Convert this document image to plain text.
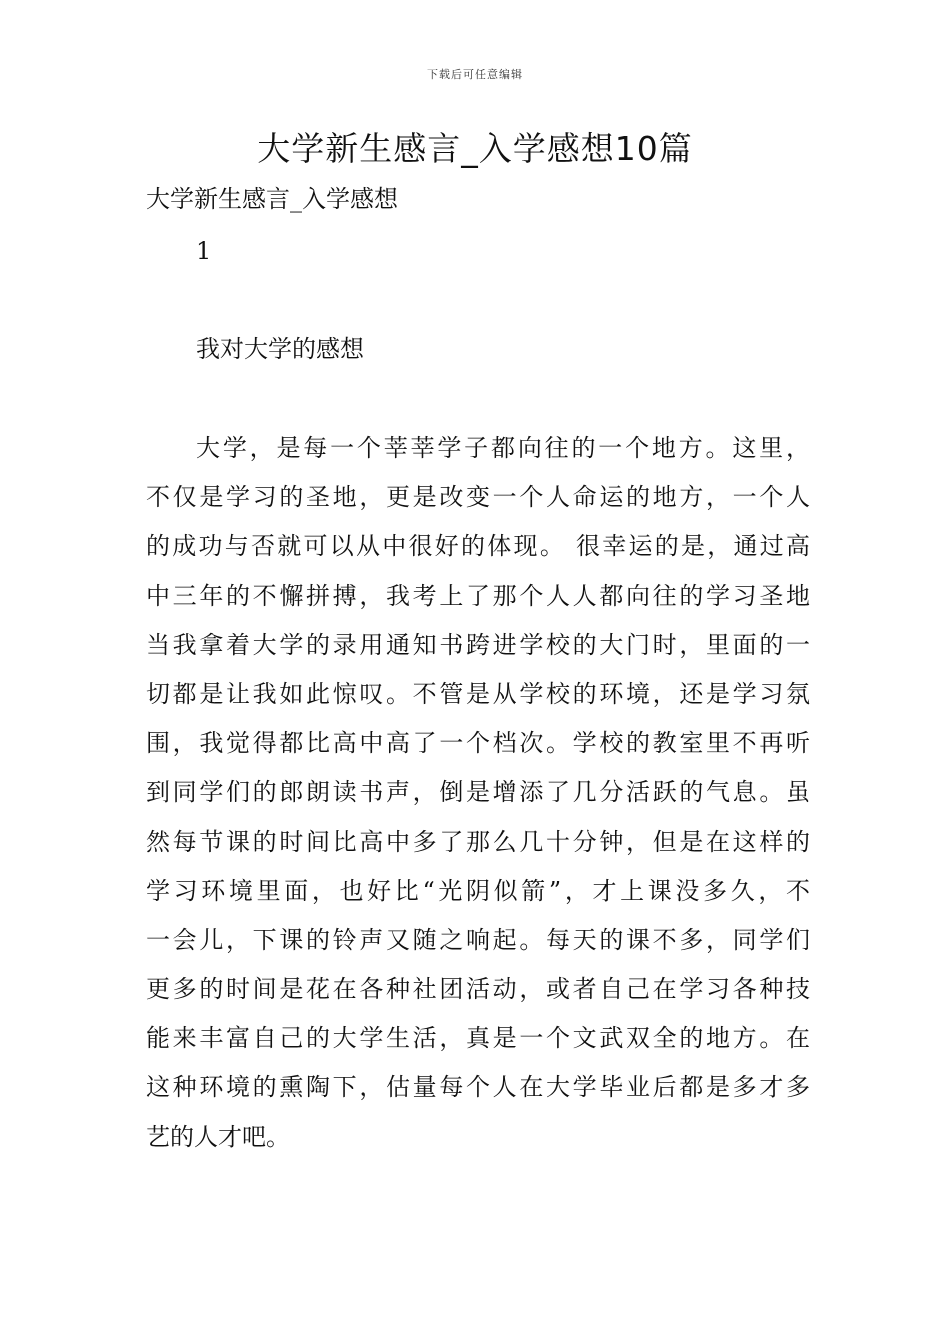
下载后可任意编辑
大学新生感言_入学感想10篇

大学新生感言_入学感想

1
我对大学的感想
大学，是每一个莘莘学子都向往的一个地方。这里，
不仅是学习的圣地，更是改变一个人命运的地方，一个人
的成功与否就可以从中很好的体现。 很幸运的是，通过高
中三年的不懈拼搏，我考上了那个人人都向往的学习圣地
当我拿着大学的录用通知书跨进学校的大门时，里面的一
切都是让我如此惊叹。不管是从学校的环境，还是学习氛
围，我觉得都比高中高了一个档次。学校的教室里不再听
到同学们的郎朗读书声，倒是增添了几分活跃的气息。虽
然每节课的时间比高中多了那么几十分钟，但是在这样的
学习环境里面，也好比“光阴似箭”，才上课没多久，不
一会儿，下课的铃声又随之响起。每天的课不多，同学们
更多的时间是花在各种社团活动，或者自己在学习各种技
能来丰富自己的大学生活，真是一个文武双全的地方。在
这种环境的熏陶下，估量每个人在大学毕业后都是多才多
艺的人才吧。
